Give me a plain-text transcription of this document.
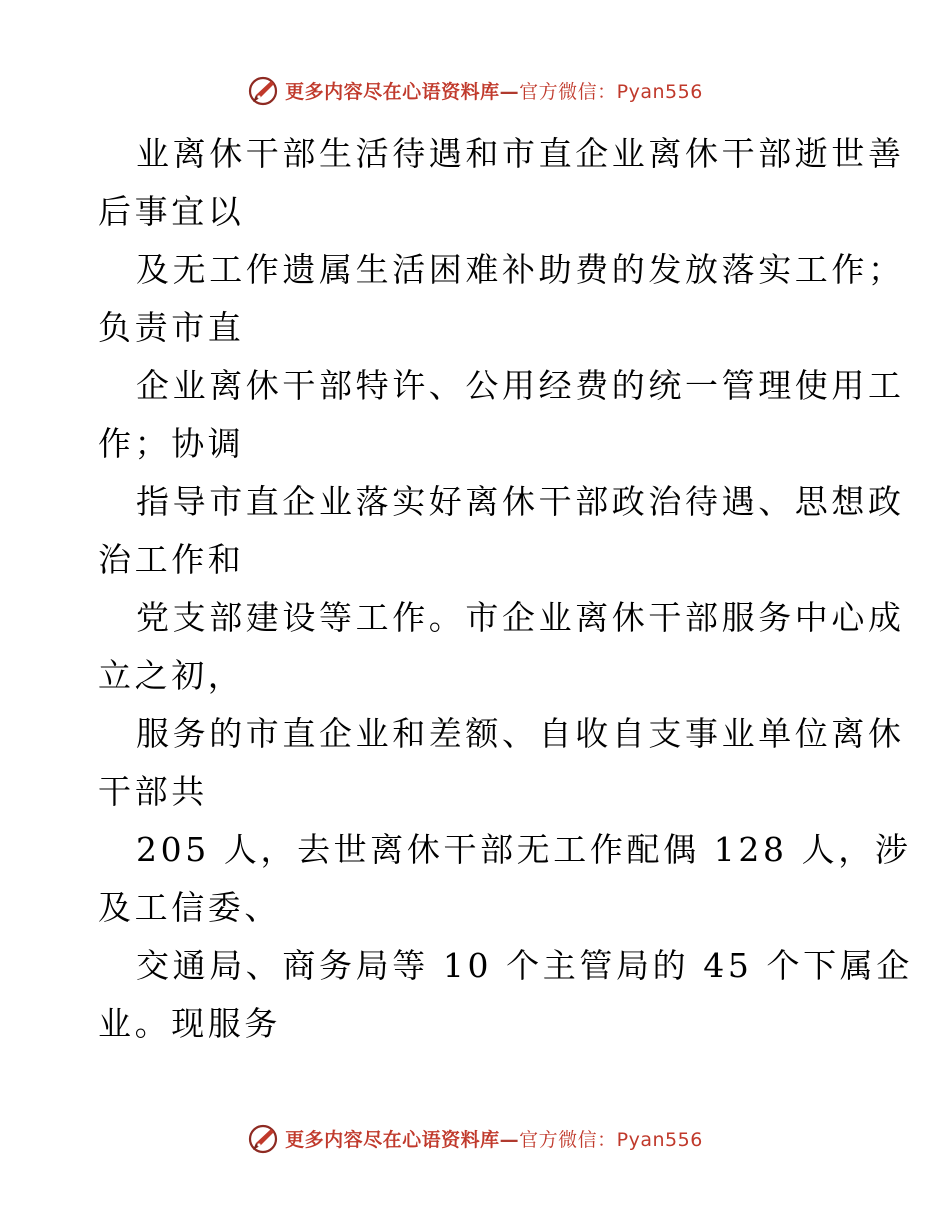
更多内容尽在心语资料库—官方微信：Pyan556
业离休干部生活待遇和市直企业离休干部逝世善
后事宜以
及无工作遗属生活困难补助费的发放落实工作；
负责市直
企业离休干部特许、公用经费的统一管理使用工
作；协调
指导市直企业落实好离休干部政治待遇、思想政
治工作和
党支部建设等工作。市企业离休干部服务中心成
立之初，
服务的市直企业和差额、自收自支事业单位离休
干部共
205 人，去世离休干部无工作配偶 128 人，涉
及工信委、
交通局、商务局等 10 个主管局的 45 个下属企
业。现服务
更多内容尽在心语资料库—官方微信：Pyan556
